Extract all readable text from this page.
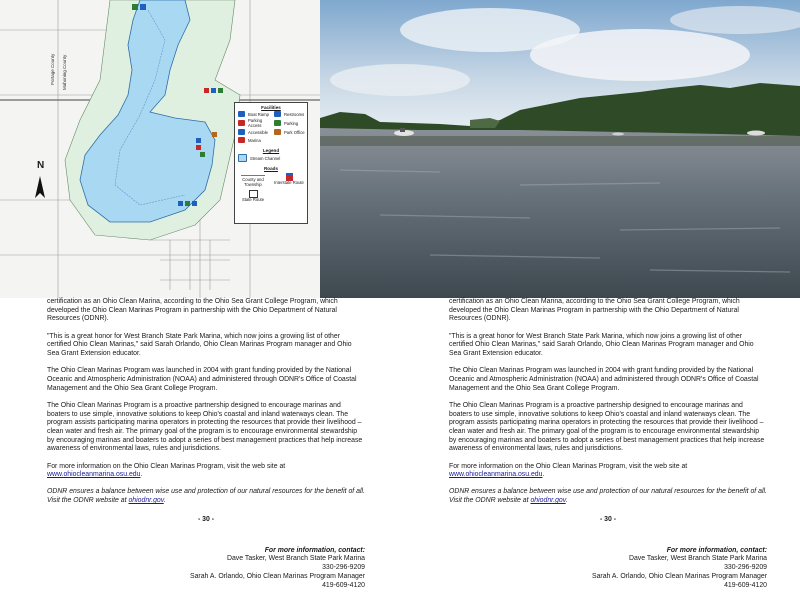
N
Portage County Mahoning County
Facilities
Boat Ramp	Restrooms
Parking Access	Parking
Accessible	Park Office
Marina
Legend
Stream Channel
Roads
County and Township	Interstate Route
State Route

certification as an Ohio Clean Marina, according to the Ohio Sea Grant College Program, which developed the Ohio Clean Marinas Program in partnership with the Ohio Department of Natural Resources (ODNR).

"This is a great honor for West Branch State Park Marina, which now joins a growing list of other certified Ohio Clean Marinas," said Sarah Orlando, Ohio Clean Marinas Program manager and Ohio Sea Grant Extension educator.

The Ohio Clean Marinas Program was launched in 2004 with grant funding provided by the National Oceanic and Atmospheric Administration (NOAA) and administered through ODNR's Office of Coastal Management and the Ohio Sea Grant College Program.

The Ohio Clean Marinas Program is a proactive partnership designed to encourage marinas and boaters to use simple, innovative solutions to keep Ohio's coastal and inland waterways clean. The program assists participating marina operators in protecting the resources that provide their livelihood – clean water and fresh air. The primary goal of the program is to encourage environmental stewardship by encouraging marinas and boaters to adopt a series of best management practices that help increase awareness of environmental laws, rules and jurisdictions.

For more information on the Ohio Clean Marinas Program, visit the web site at
www.ohiocleanmarina.osu.edu.

ODNR ensures a balance between wise use and protection of our natural resources for the benefit of all. Visit the ODNR website at ohiodnr.gov.

- 30 -
For more information, contact:
Dave Tasker, West Branch State Park Marina
330-296-9209
Sarah A. Orlando, Ohio Clean Marinas Program Manager
419-609-4120

certification as an Ohio Clean Marina, according to the Ohio Sea Grant College Program, which developed the Ohio Clean Marinas Program in partnership with the Ohio Department of Natural Resources (ODNR).

"This is a great honor for West Branch State Park Marina, which now joins a growing list of other certified Ohio Clean Marinas," said Sarah Orlando, Ohio Clean Marinas Program manager and Ohio Sea Grant Extension educator.

The Ohio Clean Marinas Program was launched in 2004 with grant funding provided by the National Oceanic and Atmospheric Administration (NOAA) and administered through ODNR's Office of Coastal Management and the Ohio Sea Grant College Program.

The Ohio Clean Marinas Program is a proactive partnership designed to encourage marinas and boaters to use simple, innovative solutions to keep Ohio's coastal and inland waterways clean. The program assists participating marina operators in protecting the resources that provide their livelihood – clean water and fresh air. The primary goal of the program is to encourage environmental stewardship by encouraging marinas and boaters to adopt a series of best management practices that help increase awareness of environmental laws, rules and jurisdictions.

For more information on the Ohio Clean Marinas Program, visit the web site at
www.ohiocleanmarina.osu.edu.

ODNR ensures a balance between wise use and protection of our natural resources for the benefit of all. Visit the ODNR website at ohiodnr.gov.

- 30 -
For more information, contact:
Dave Tasker, West Branch State Park Marina
330-296-9209
Sarah A. Orlando, Ohio Clean Marinas Program Manager
419-609-4120
